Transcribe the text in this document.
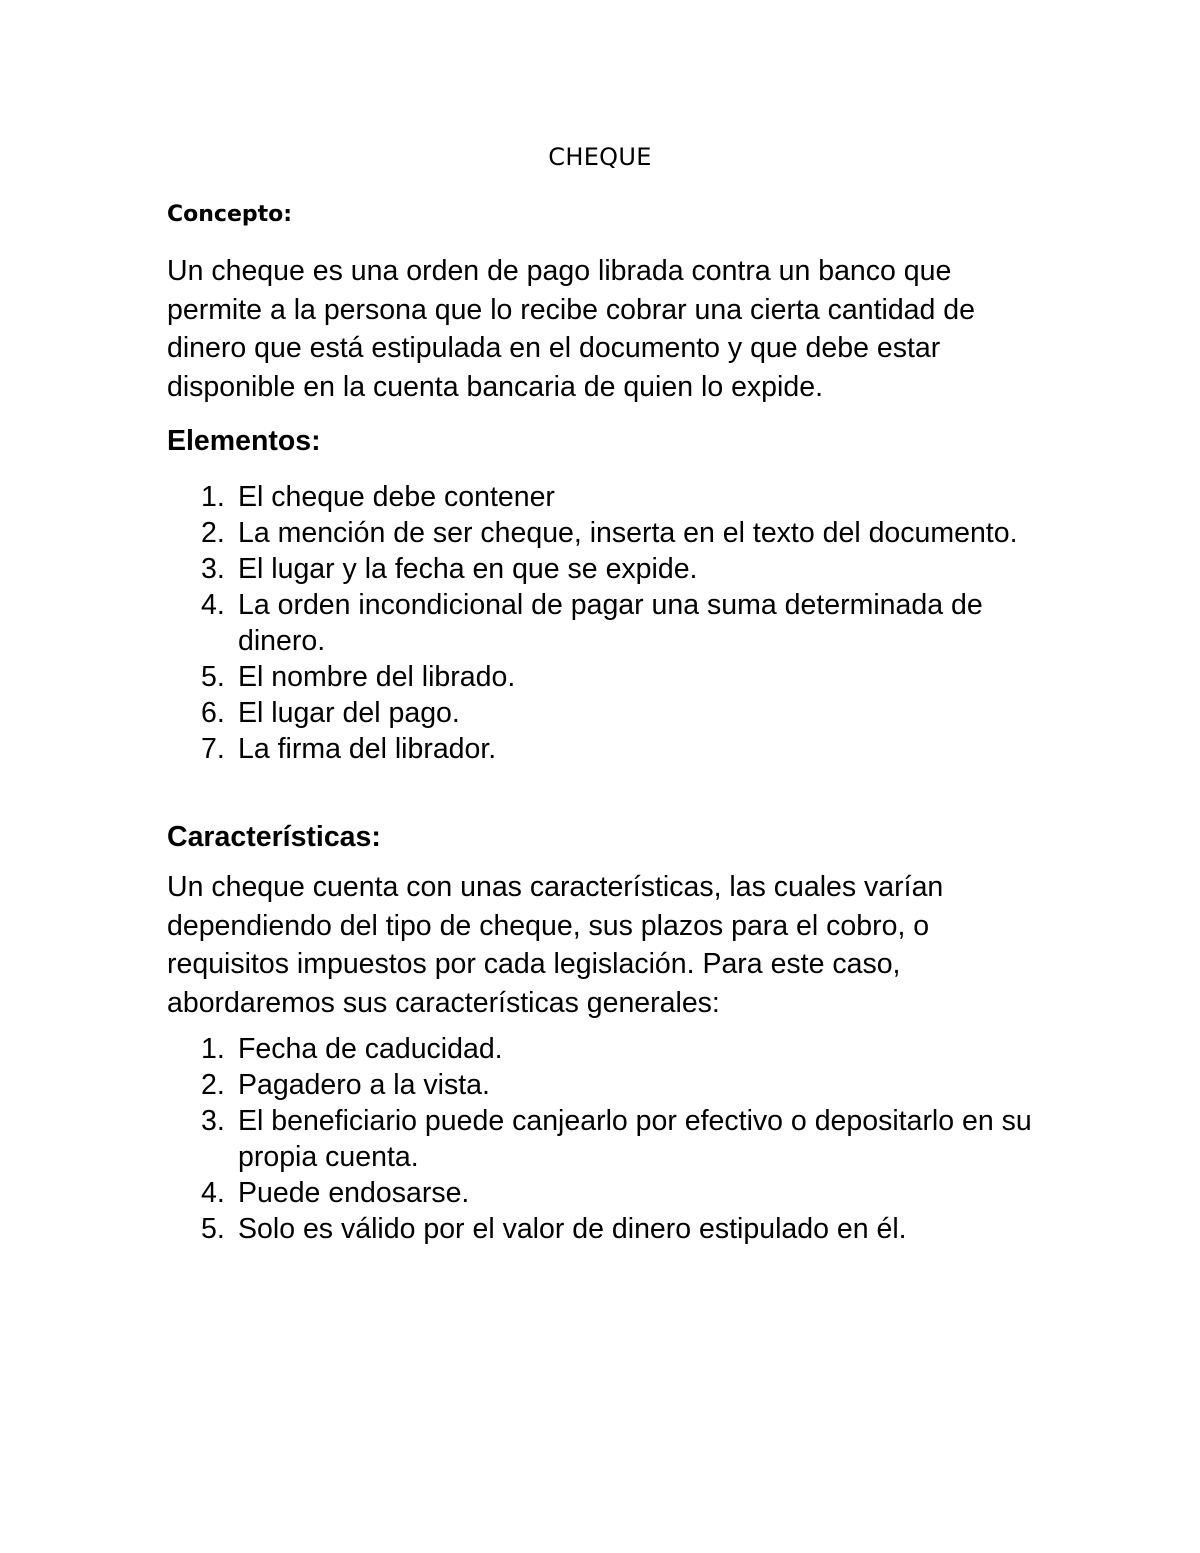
CHEQUE
Concepto:

Un cheque es una orden de pago librada contra un banco que permite a la persona que lo recibe cobrar una cierta cantidad de dinero que está estipulada en el documento y que debe estar disponible en la cuenta bancaria de quien lo expide.

Elementos:

1. El cheque debe contener
2. La mención de ser cheque, inserta en el texto del documento.
3. El lugar y la fecha en que se expide.
4. La orden incondicional de pagar una suma determinada de dinero.
5. El nombre del librado.
6. El lugar del pago.
7. La firma del librador.

Características:

Un cheque cuenta con unas características, las cuales varían dependiendo del tipo de cheque, sus plazos para el cobro, o requisitos impuestos por cada legislación. Para este caso, abordaremos sus características generales:

1. Fecha de caducidad.
2. Pagadero a la vista.
3. El beneficiario puede canjearlo por efectivo o depositarlo en su propia cuenta.
4. Puede endosarse.
5. Solo es válido por el valor de dinero estipulado en él.
